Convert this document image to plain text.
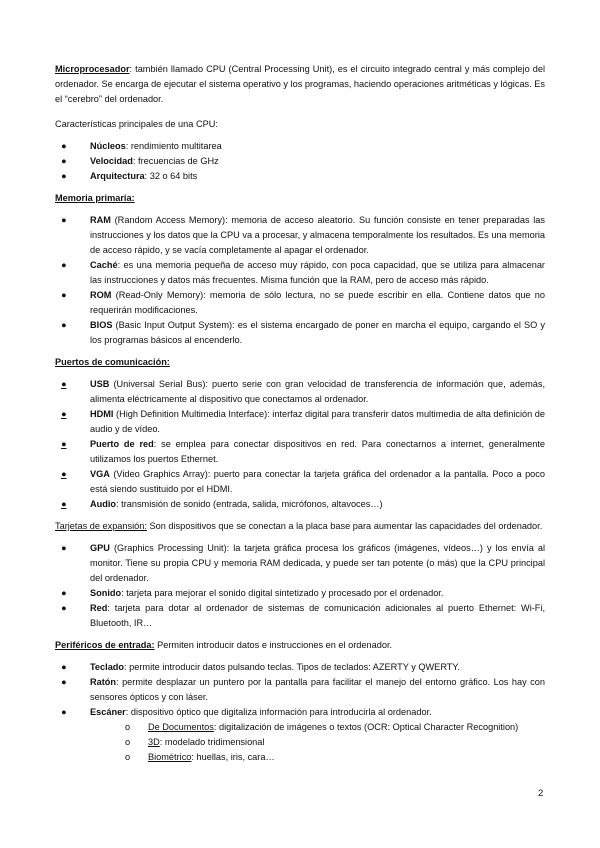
Microprocesador: también llamado CPU (Central Processing Unit), es el circuito integrado central y más complejo del ordenador. Se encarga de ejecutar el sistema operativo y los programas, haciendo operaciones aritméticas y lógicas. Es el “cerebro” del ordenador.

Características principales de una CPU:

●	Núcleos: rendimiento multitarea
●	Velocidad: frecuencias de GHz
●	Arquitectura: 32 o 64 bits

Memoria primaria:

●	RAM (Random Access Memory): memoria de acceso aleatorio. Su función consiste en tener preparadas las instrucciones y los datos que la CPU va a procesar, y almacena temporalmente los resultados. Es una memoria de acceso rápido, y se vacía completamente al apagar el ordenador.
●	Caché: es una memoria pequeña de acceso muy rápido, con poca capacidad, que se utiliza para almacenar las instrucciones y datos más frecuentes. Misma función que la RAM, pero de acceso más rápido.
●	ROM (Read-Only Memory): memoria de sólo lectura, no se puede escribir en ella. Contiene datos que no requerirán modificaciones.
●	BIOS (Basic Input Output System): es el sistema encargado de poner en marcha el equipo, cargando el SO y los programas básicos al encenderlo.

Puertos de comunicación:

●	USB (Universal Serial Bus): puerto serie con gran velocidad de transferencia de información que, además, alimenta eléctricamente al dispositivo que conectamos al ordenador.
●	HDMI (High Definition Multimedia Interface): interfaz digital para transferir datos multimedia de alta definición de audio y de vídeo.
●	Puerto de red: se emplea para conectar dispositivos en red. Para conectarnos a internet, generalmente utilizamos los puertos Ethernet.
●	VGA (Video Graphics Array): puerto para conectar la tarjeta gráfica del ordenador a la pantalla. Poco a poco está siendo sustituido por el HDMI.
●	Audio: transmisión de sonido (entrada, salida, micrófonos, altavoces…)

Tarjetas de expansión: Son dispositivos que se conectan a la placa base para aumentar las capacidades del ordenador.

●	GPU (Graphics Processing Unit): la tarjeta gráfica procesa los gráficos (imágenes, vídeos…) y los envía al monitor. Tiene su propia CPU y memoria RAM dedicada, y puede ser tan potente (o más) que la CPU principal del ordenador.
●	Sonido: tarjeta para mejorar el sonido digital sintetizado y procesado por el ordenador.
●	Red: tarjeta para dotar al ordenador de sistemas de comunicación adicionales al puerto Ethernet: Wi-Fi, Bluetooth, IR…

Periféricos de entrada: Permiten introducir datos e instrucciones en el ordenador.

●	Teclado: permite introducir datos pulsando teclas. Tipos de teclados: AZERTY y QWERTY.
●	Ratón: permite desplazar un puntero por la pantalla para facilitar el manejo del entorno gráfico. Los hay con sensores ópticos y con láser.
●	Escáner: dispositivo óptico que digitaliza información para introducirla al ordenador.
o De Documentos: digitalización de imágenes o textos (OCR: Optical Character Recognition)
o 3D: modelado tridimensional
o Biométrico: huellas, iris, cara…
2
